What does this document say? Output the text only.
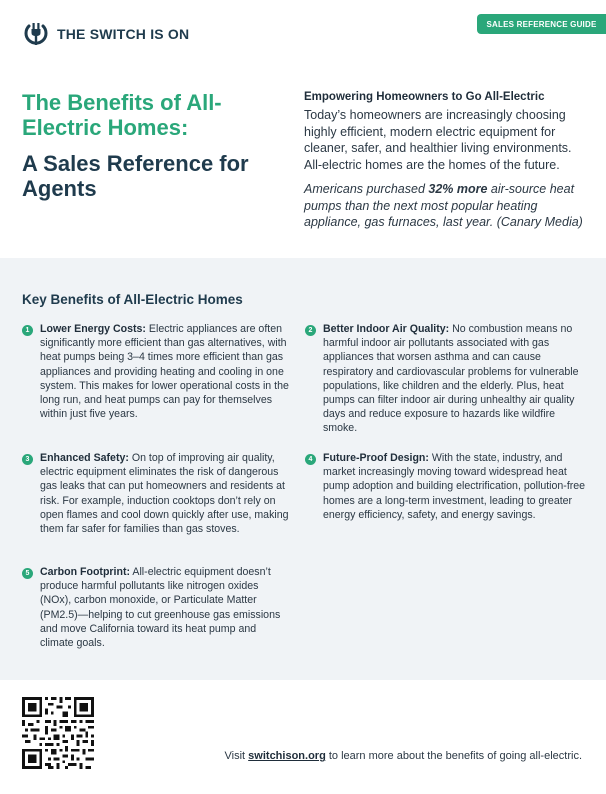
THE SWITCH IS ON
SALES REFERENCE GUIDE
The Benefits of All-Electric Homes:
A Sales Reference for Agents
Empowering Homeowners to Go All-Electric
Today’s homeowners are increasingly choosing highly efficient, modern electric equipment for cleaner, safer, and healthier living environments. All-electric homes are the homes of the future.
Americans purchased 32% more air-source heat pumps than the next most popular heating appliance, gas furnaces, last year. (Canary Media)
Key Benefits of All-Electric Homes
1 Lower Energy Costs: Electric appliances are often significantly more efficient than gas alternatives, with heat pumps being 3–4 times more efficient than gas appliances and providing heating and cooling in one system. This makes for lower operational costs in the long run, and heat pumps can pay for themselves within just five years.
2 Better Indoor Air Quality: No combustion means no harmful indoor air pollutants associated with gas appliances that worsen asthma and can cause respiratory and cardiovascular problems for vulnerable populations, like children and the elderly. Plus, heat pumps can filter indoor air during unhealthy air quality days and reduce exposure to hazards like wildfire smoke.
3 Enhanced Safety: On top of improving air quality, electric equipment eliminates the risk of dangerous gas leaks that can put homeowners and residents at risk. For example, induction cooktops don’t rely on open flames and cool down quickly after use, making them far safer for families than gas stoves.
4 Future-Proof Design: With the state, industry, and market increasingly moving toward widespread heat pump adoption and building electrification, pollution-free homes are a long-term investment, leading to greater energy efficiency, safety, and energy savings.
5 Carbon Footprint: All-electric equipment doesn’t produce harmful pollutants like nitrogen oxides (NOx), carbon monoxide, or Particulate Matter (PM2.5)—helping to cut greenhouse gas emissions and move California toward its heat pump and climate goals.
Visit switchison.org to learn more about the benefits of going all-electric.
